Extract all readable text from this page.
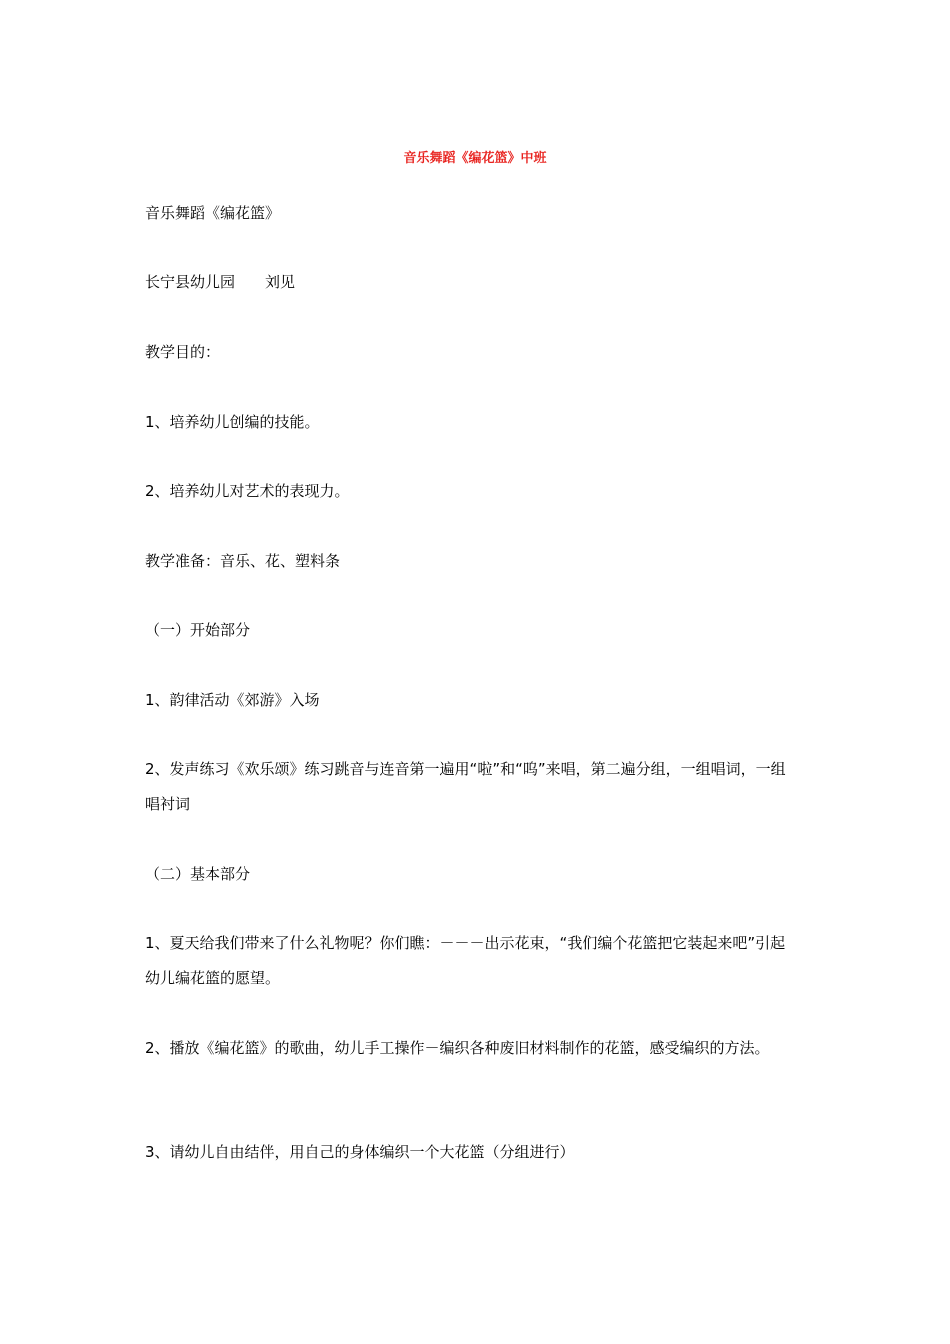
音乐舞蹈《编花篮》中班

音乐舞蹈《编花篮》

长宁县幼儿园　　刘见

教学目的：

1、培养幼儿创编的技能。

2、培养幼儿对艺术的表现力。

教学准备：音乐、花、塑料条

（一）开始部分

1、韵律活动《郊游》入场

2、发声练习《欢乐颂》练习跳音与连音第一遍用“啦”和“呜”来唱，第二遍分组，一组唱词，一组唱衬词

（二）基本部分

1、夏天给我们带来了什么礼物呢？你们瞧：－－－出示花束，“我们编个花篮把它装起来吧”引起幼儿编花篮的愿望。

2、播放《编花篮》的歌曲，幼儿手工操作－编织各种废旧材料制作的花篮，感受编织的方法。

3、请幼儿自由结伴，用自己的身体编织一个大花篮（分组进行）
